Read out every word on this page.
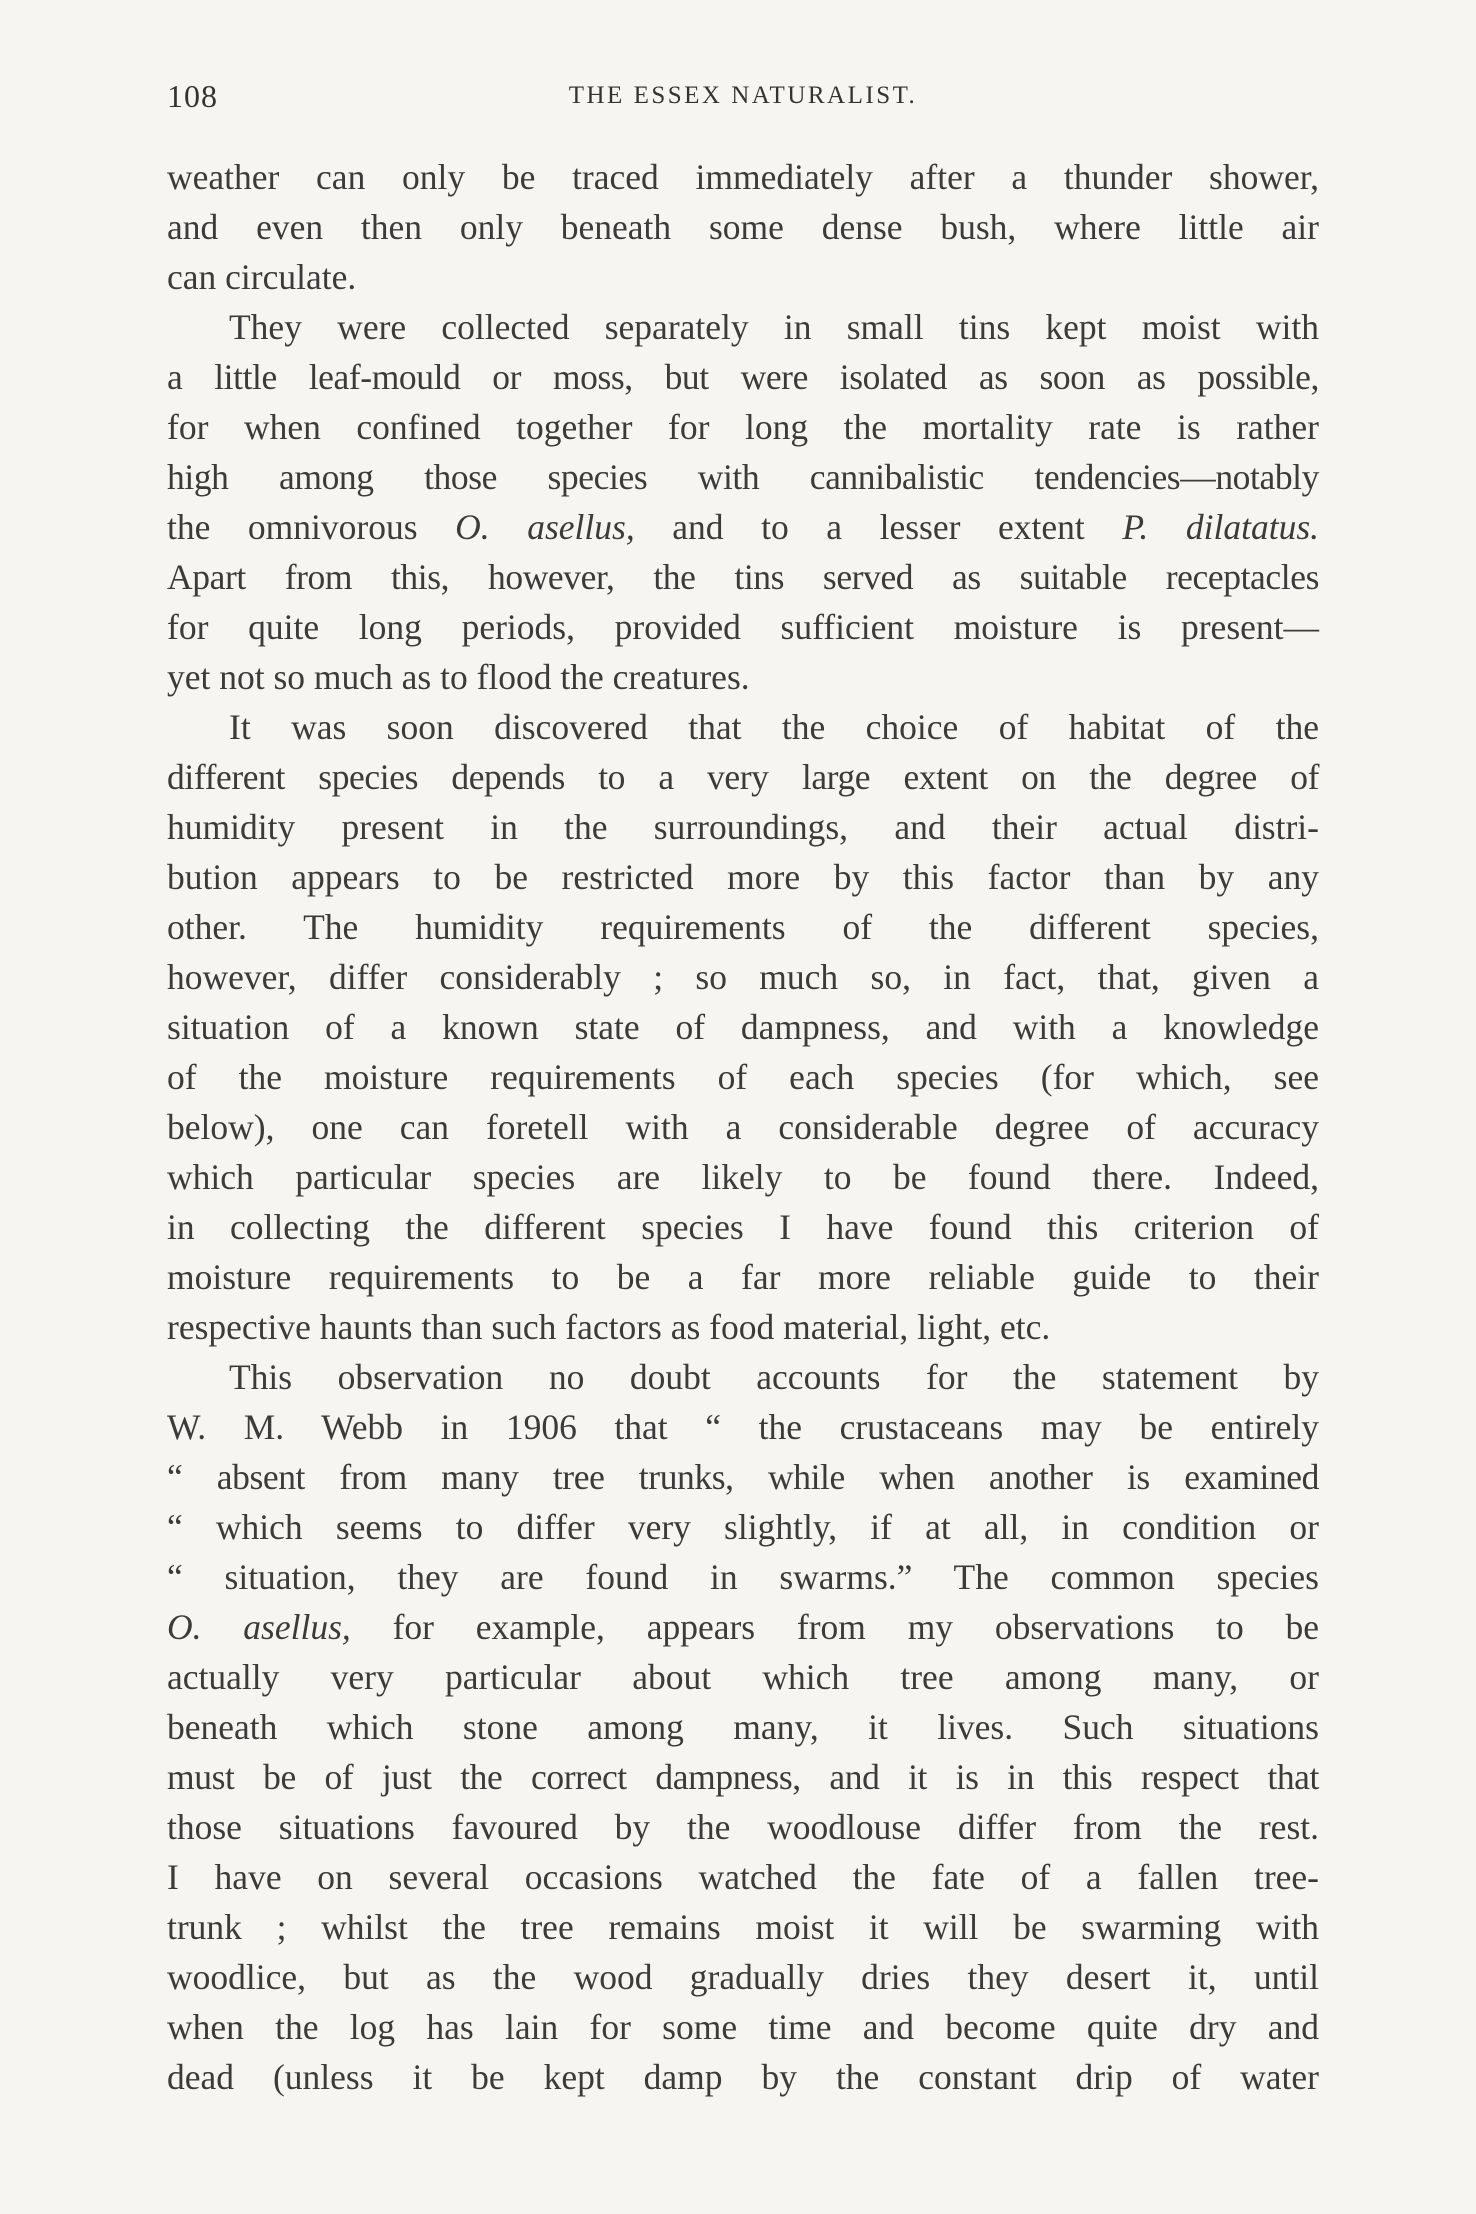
108	THE ESSEX NATURALIST.
weather can only be traced immediately after a thunder shower,
and even then only beneath some dense bush, where little air
can circulate.
They were collected separately in small tins kept moist with
a little leaf-mould or moss, but were isolated as soon as possible,
for when confined together for long the mortality rate is rather
high among those species with cannibalistic tendencies—notably
the omnivorous O. asellus, and to a lesser extent P. dilatatus.
Apart from this, however, the tins served as suitable receptacles
for quite long periods, provided sufficient moisture is present—
yet not so much as to flood the creatures.
It was soon discovered that the choice of habitat of the
different species depends to a very large extent on the degree of
humidity present in the surroundings, and their actual distri-
bution appears to be restricted more by this factor than by any
other. The humidity requirements of the different species,
however, differ considerably ; so much so, in fact, that, given a
situation of a known state of dampness, and with a knowledge
of the moisture requirements of each species (for which, see
below), one can foretell with a considerable degree of accuracy
which particular species are likely to be found there. Indeed,
in collecting the different species I have found this criterion of
moisture requirements to be a far more reliable guide to their
respective haunts than such factors as food material, light, etc.
This observation no doubt accounts for the statement by
W. M. Webb in 1906 that “ the crustaceans may be entirely
“ absent from many tree trunks, while when another is examined
“ which seems to differ very slightly, if at all, in condition or
“ situation, they are found in swarms.” The common species
O. asellus, for example, appears from my observations to be
actually very particular about which tree among many, or
beneath which stone among many, it lives. Such situations
must be of just the correct dampness, and it is in this respect that
those situations favoured by the woodlouse differ from the rest.
I have on several occasions watched the fate of a fallen tree-
trunk ; whilst the tree remains moist it will be swarming with
woodlice, but as the wood gradually dries they desert it, until
when the log has lain for some time and become quite dry and
dead (unless it be kept damp by the constant drip of water
